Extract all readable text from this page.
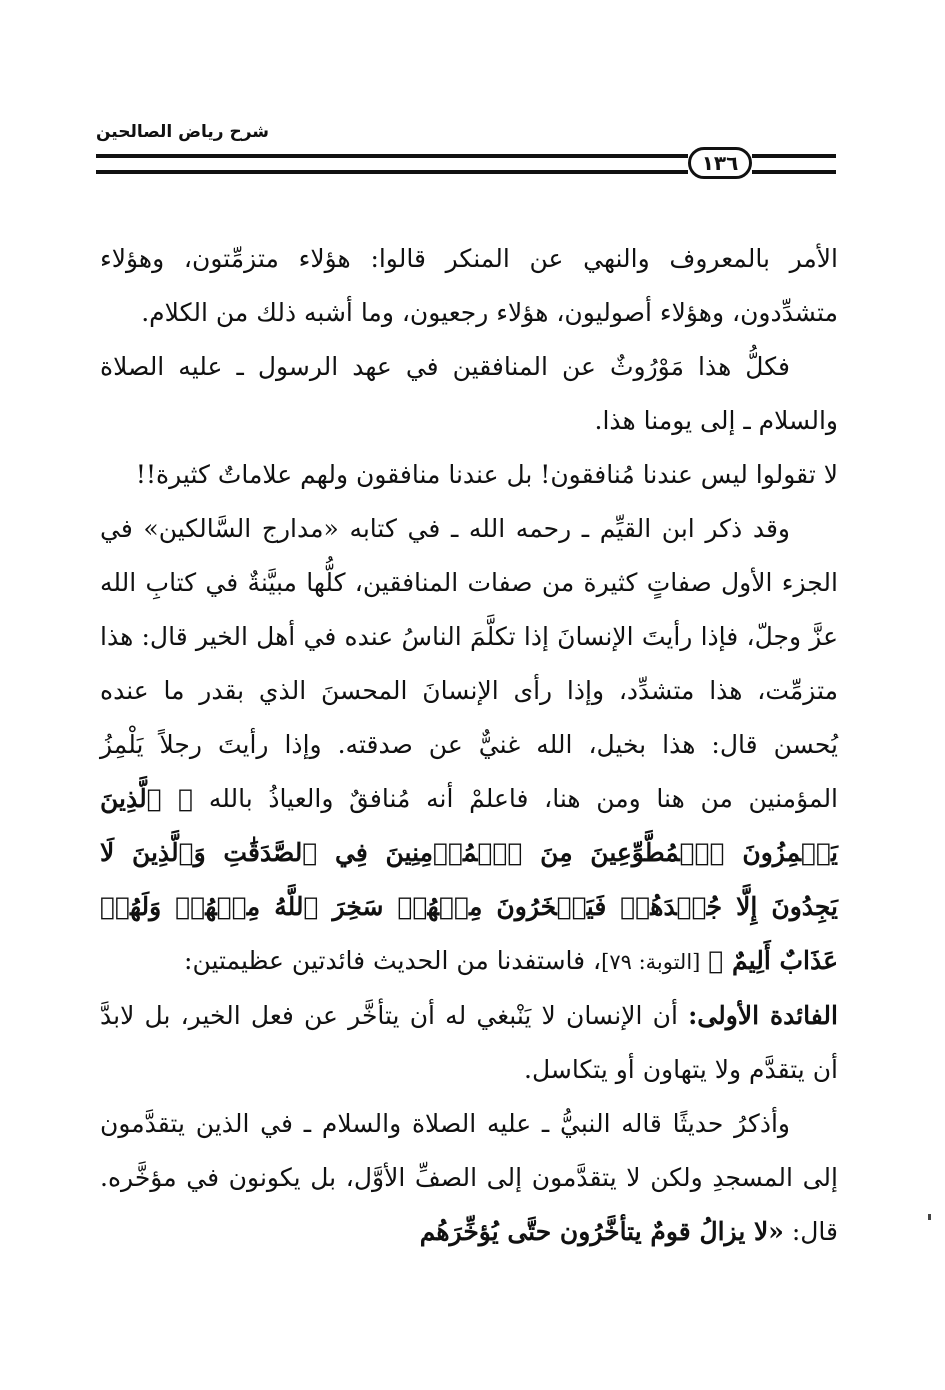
شرح رياض الصالحين
١٣٦

الأمر بالمعروف والنهي عن المنكر قالوا: هؤلاء متزمِّتون، وهؤلاء متشدِّدون، وهؤلاء أصوليون، هؤلاء رجعيون، وما أشبه ذلك من الكلام.

فكلُّ هذا مَوْرُوثٌ عن المنافقين في عهد الرسول ـ عليه الصلاة والسلام ـ إلى يومنا هذا.

لا تقولوا ليس عندنا مُنافقون! بل عندنا منافقون ولهم علاماتٌ كثيرة!!

وقد ذكر ابن القيِّم ـ رحمه الله ـ في كتابه «مدارج السَّالكين» في الجزء الأول صفاتٍ كثيرة من صفات المنافقين، كلُّها مبيَّنةٌ في كتابِ الله عزَّ وجلّ، فإذا رأيتَ الإنسانَ إذا تكلَّمَ الناسُ عنده في أهل الخير قال: هذا متزمِّت، هذا متشدِّد، وإذا رأى الإنسانَ المحسنَ الذي بقدر ما عنده يُحسن قال: هذا بخيل، الله غنيٌّ عن صدقته. وإذا رأيتَ رجلاً يَلْمِزُ المؤمنين من هنا ومن هنا، فاعلمْ أنه مُنافقٌ والعياذُ بالله ﴿ ٱلَّذِينَ يَلۡمِزُونَ ٱلۡمُطَّوِّعِينَ مِنَ ٱلۡمُؤۡمِنِينَ فِي ٱلصَّدَقَٰتِ وَٱلَّذِينَ لَا يَجِدُونَ إِلَّا جُهۡدَهُمۡ فَيَسۡخَرُونَ مِنۡهُمۡ سَخِرَ ٱللَّهُ مِنۡهُمۡ وَلَهُمۡ عَذَابٌ أَلِيمٌ ﴾ [التوبة: ٧٩]، فاستفدنا من الحديث فائدتين عظيمتين:

الفائدة الأولى: أن الإنسان لا يَنْبغي له أن يتأخَّر عن فعل الخير، بل لابدَّ أن يتقدَّم ولا يتهاون أو يتكاسل.

وأذكرُ حديثًا قاله النبيُّ ـ عليه الصلاة والسلام ـ في الذين يتقدَّمون إلى المسجدِ ولكن لا يتقدَّمون إلى الصفِّ الأوَّل، بل يكونون في مؤخَّره. قال: «لا يزالُ قومٌ يتأخَّرُون حتَّى يُؤخِّرَهُم
